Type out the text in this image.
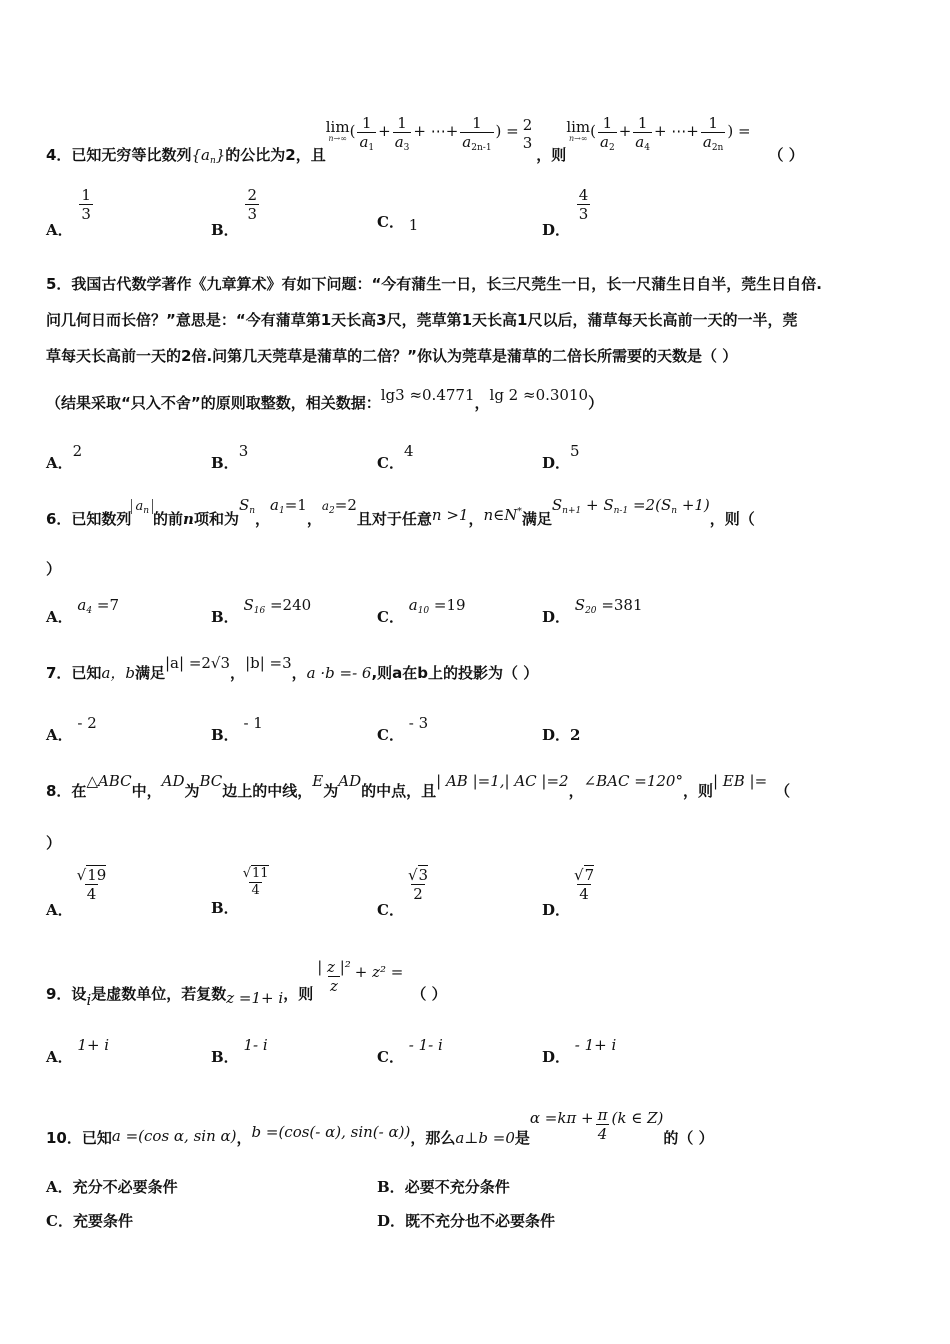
4．已知无穷等比数列$\{a_n\}$的公比为2，且
lim
n→∞ ( $\frac{1}{a_1} + \frac{1}{a_3}$ + ⋯+ $\frac{1}{a_{2n-1}}$ ) = 2
3
，则
lim
n→∞ ( $\frac{1}{a_2} + \frac{1}{a_4}$ + ⋯+ $\frac{1}{a_{2n}}$ ) =（ ）
A．
$\frac{1}{3}$
B．
$\frac{2}{3}$	C． 1	D．
$\frac{4}{3}$
5．我国古代数学著作《九章算术》有如下问题：“今有蒲生一日，长三尺莞生一日，长一尺蒲生日自半，莞生日自倍.
问几何日而长倍？”意思是：“今有蒲草第1天长高3尺，莞草第1天长高1尺以后，蒲草每天长高前一天的一半，莞
草每天长高前一天的2倍.问第几天莞草是蒲草的二倍？”你认为莞草是蒲草的二倍长所需要的天数是（ ）
（结果采取“只入不舍”的原则取整数，相关数据：lg3 ≈0.4771，lg 2 ≈0.3010）
A．2
B．3
C．4
D．5
6．已知数列$a_n$ 的前n项和为$S_n$，$a_1=1$，$a_2=2$且对于任意n >1，n∈N*满足$S_{n+1} + S_{n-1} =2(S_n +1)$，则（
）
A． $a_4 =7$
B． $S_{16} =240$
C． $a_{10} =19$
D． $S_{20} =381$
7．已知a，b满足|a| =2√3，|b| =3，a ·b =- 6,则a在b上的投影为（ ）
A． - 2
B． - 1
C． - 3
D．2
8．在△ABC中，AD为BC边上的中线，E为AD的中点，且| AB |=1,| AC |=2，∠BAC =120°，则| EB |=（
）
A．
$\frac{√19}{4}$
B．
$\frac{√11}{4}$
C．
$\frac{√3}{2}$
D．
$\frac{√7}{4}$
9．设i是虚数单位，若复数z =1+ i，则 $\frac{\text{| z |²}}{z} + z^2$ =（ ）
A． 1+ i
B． 1- i
C． - 1- i
D． - 1+ i
10．已知a =(cos α, sin α)，b =(cos(- α), sin(- α))，那么a⊥b =0是$\alpha =k\pi + \frac{\pi}{4} (k$ ∈ Z)的（ ）
A．充分不必要条件	B．必要不充分条件
C．充要条件	D．既不充分也不必要条件
